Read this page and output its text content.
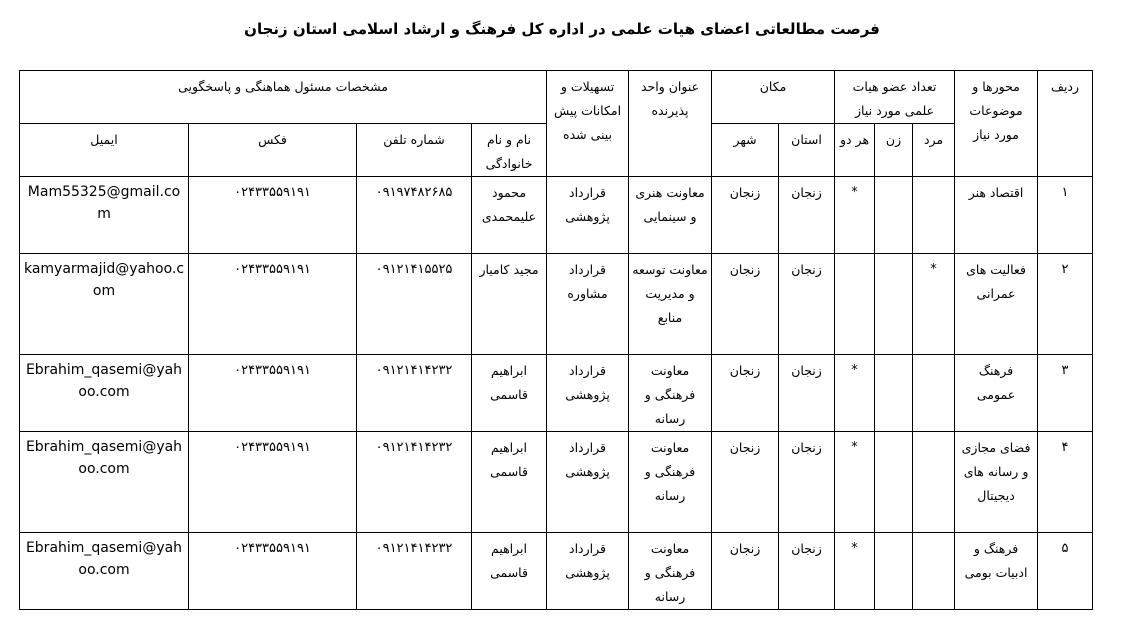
فرصت مطالعاتی اعضای هیات علمی در اداره کل فرهنگ و ارشاد اسلامی استان زنجان
ردیف	محورها و موضوعات مورد نیاز	تعداد عضو هیات علمی مورد نیاز			مکان		عنوان واحد پذیرنده	تسهیلات و امکانات پیش بینی شده	مشخصات مسئول هماهنگی و پاسخگویی			
		مرد	زن	هر دو	استان	شهر			نام و نام خانوادگی	شماره تلفن	فکس	ایمیل
۱	اقتصاد هنر			*	زنجان	زنجان	معاونت هنری و سینمایی	قرارداد پژوهشی	محمود علیمحمدی	۰۹۱۹۷۴۸۲۶۸۵	۰۲۴۳۳۵۵۹۱۹۱	Mam55325@gmail.com
۲	فعالیت های عمرانی	*			زنجان	زنجان	معاونت توسعه و مدیریت منابع	قرارداد مشاوره	مجید کامیار	۰۹۱۲۱۴۱۵۵۲۵	۰۲۴۳۳۵۵۹۱۹۱	kamyarmajid@yahoo.com
۳	فرهنگ عمومی			*	زنجان	زنجان	معاونت فرهنگی و رسانه	قرارداد پژوهشی	ابراهیم قاسمی	۰۹۱۲۱۴۱۴۲۳۲	۰۲۴۳۳۵۵۹۱۹۱	Ebrahim_qasemi@yahoo.com
۴	فضای مجازی و رسانه های دیجیتال			*	زنجان	زنجان	معاونت فرهنگی و رسانه	قرارداد پژوهشی	ابراهیم قاسمی	۰۹۱۲۱۴۱۴۲۳۲	۰۲۴۳۳۵۵۹۱۹۱	Ebrahim_qasemi@yahoo.com
۵	فرهنگ و ادبیات بومی			*	زنجان	زنجان	معاونت فرهنگی و رسانه	قرارداد پژوهشی	ابراهیم قاسمی	۰۹۱۲۱۴۱۴۲۳۲	۰۲۴۳۳۵۵۹۱۹۱	Ebrahim_qasemi@yahoo.com
